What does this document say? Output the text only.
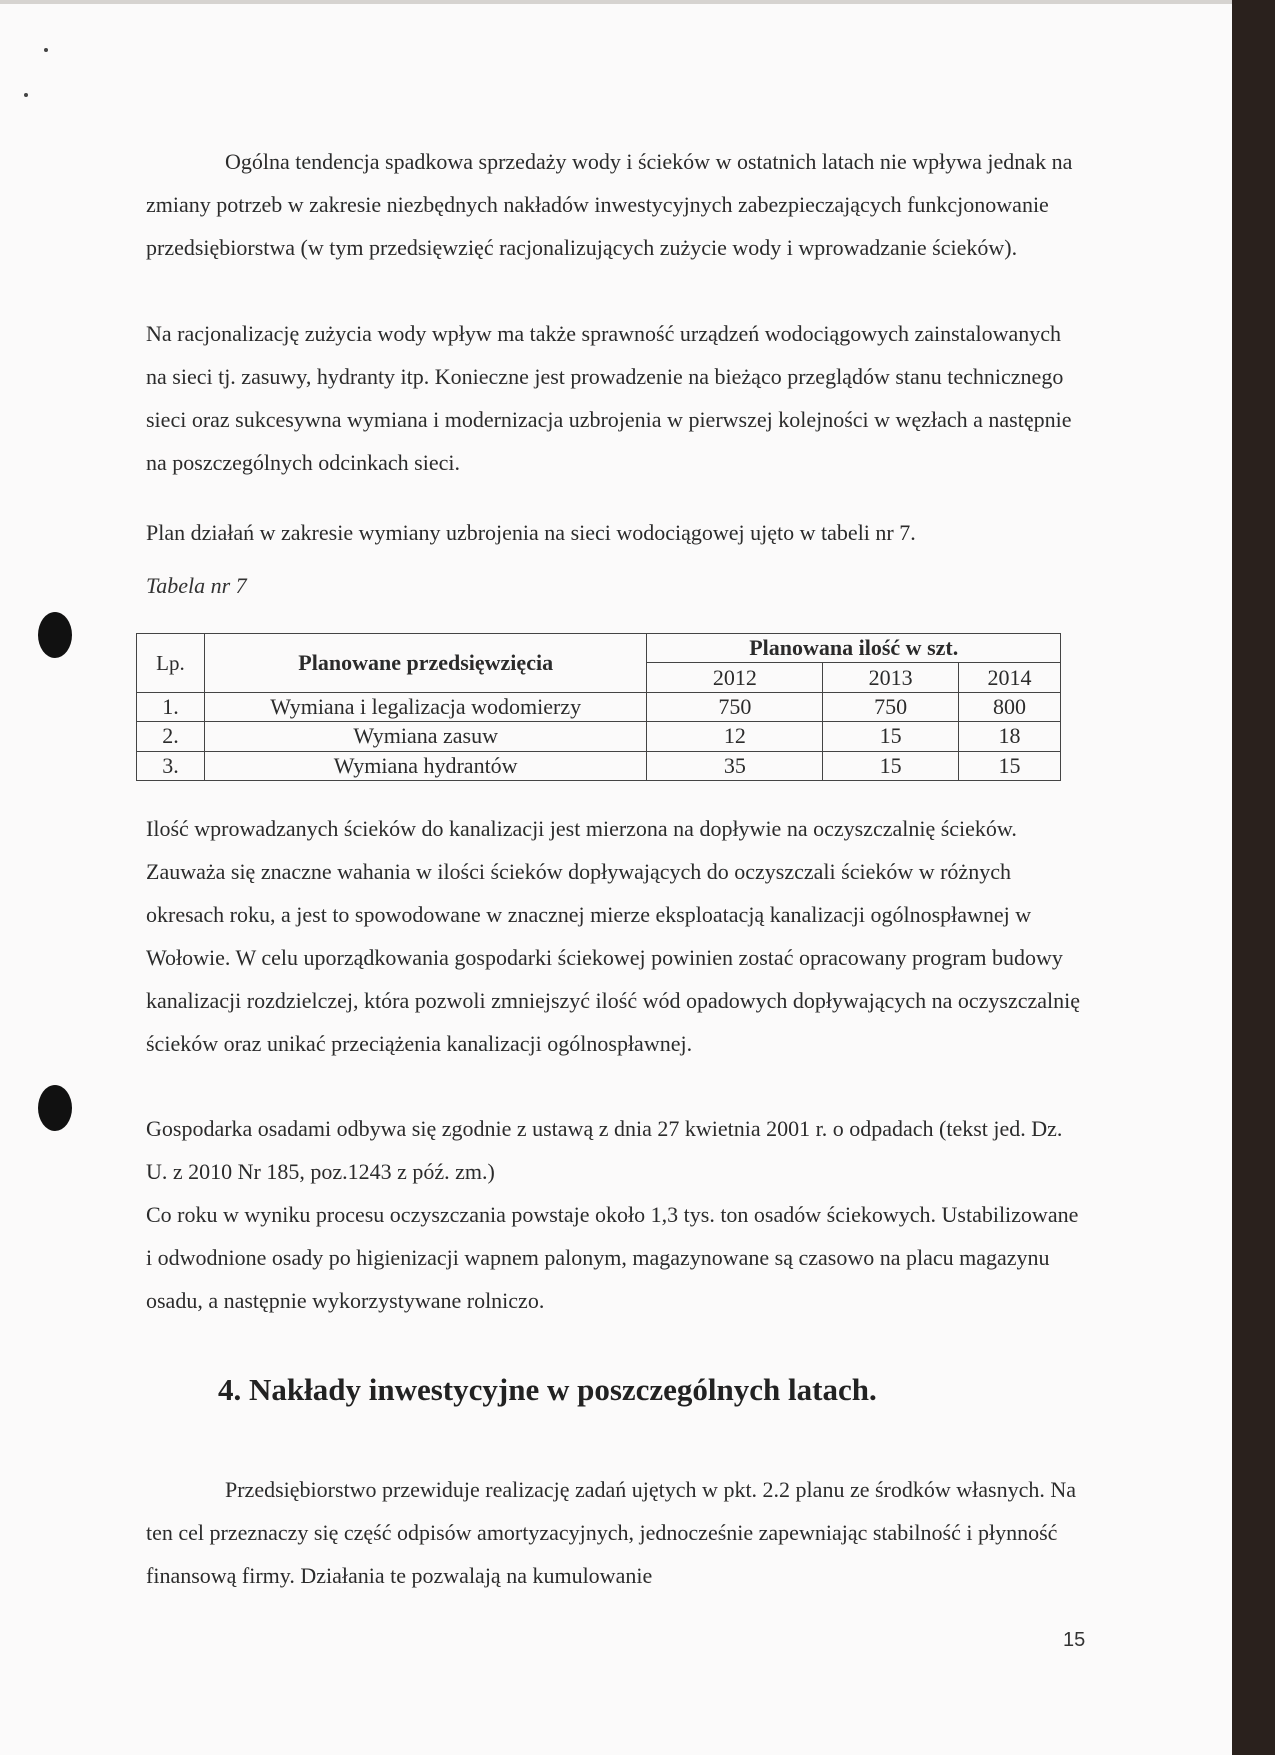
Ogólna tendencja spadkowa sprzedaży wody i ścieków w ostatnich latach nie wpływa jednak na zmiany potrzeb w zakresie niezbędnych nakładów inwestycyjnych zabezpieczających funkcjonowanie przedsiębiorstwa (w tym przedsięwzięć racjonalizujących zużycie wody i wprowadzanie ścieków).

Na racjonalizację zużycia wody wpływ ma także sprawność urządzeń wodociągowych zainstalowanych na sieci tj. zasuwy, hydranty itp. Konieczne jest prowadzenie na bieżąco przeglądów stanu technicznego sieci oraz sukcesywna wymiana i modernizacja uzbrojenia w pierwszej kolejności w węzłach a następnie na poszczególnych odcinkach sieci.

Plan działań w zakresie wymiany uzbrojenia na sieci wodociągowej ujęto w tabeli nr 7.

Tabela nr 7
Lp.	Planowane przedsięwzięcia	Planowana ilość w szt.		
		2012	2013	2014
1.	Wymiana i legalizacja wodomierzy	750	750	800
2.	Wymiana zasuw	12	15	18
3.	Wymiana hydrantów	35	15	15

Ilość wprowadzanych ścieków do kanalizacji jest mierzona na dopływie na oczyszczalnię ścieków. Zauważa się znaczne wahania w ilości ścieków dopływających do oczyszczali ścieków w różnych okresach roku, a jest to spowodowane w znacznej mierze eksploatacją kanalizacji ogólnospławnej w Wołowie. W celu uporządkowania gospodarki ściekowej powinien zostać opracowany program budowy kanalizacji rozdzielczej, która pozwoli zmniejszyć ilość wód opadowych dopływających na oczyszczalnię ścieków oraz unikać przeciążenia kanalizacji ogólnospławnej.

Gospodarka osadami odbywa się zgodnie z ustawą z dnia 27 kwietnia 2001 r. o odpadach (tekst jed. Dz. U. z 2010 Nr 185, poz.1243 z póź. zm.)

Co roku w wyniku procesu oczyszczania powstaje około 1,3 tys. ton osadów ściekowych. Ustabilizowane i odwodnione osady po higienizacji wapnem palonym, magazynowane są czasowo na placu magazynu osadu, a następnie wykorzystywane rolniczo.

4. Nakłady inwestycyjne w poszczególnych latach.

Przedsiębiorstwo przewiduje realizację zadań ujętych w pkt. 2.2 planu ze środków własnych. Na ten cel przeznaczy się część odpisów amortyzacyjnych, jednocześnie zapewniając stabilność i płynność finansową firmy. Działania te pozwalają na kumulowanie

15
